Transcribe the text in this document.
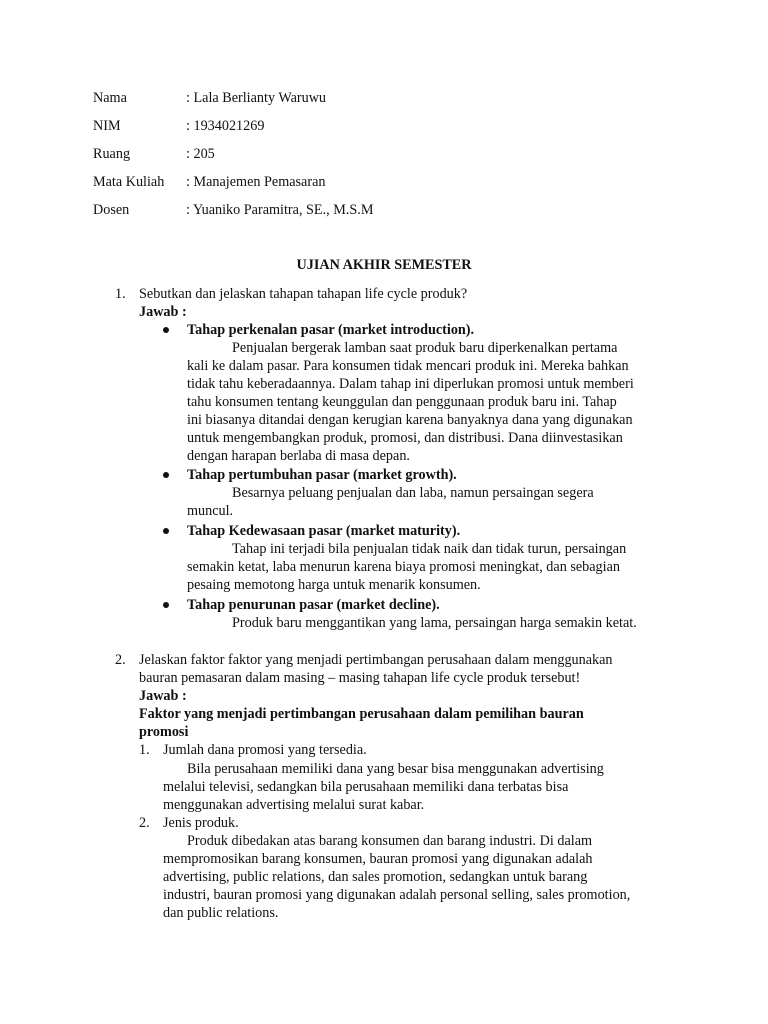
Nama	: Lala Berlianty Waruwu
NIM	: 1934021269
Ruang	: 205
Mata Kuliah : Manajemen Pemasaran
Dosen	: Yuaniko Paramitra, SE., M.S.M
UJIAN AKHIR SEMESTER
1. Sebutkan dan jelaskan tahapan tahapan life cycle produk?
Jawab :
Tahap perkenalan pasar (market introduction).
Penjualan bergerak lamban saat produk baru diperkenalkan pertama
kali ke dalam pasar. Para konsumen tidak mencari produk ini. Mereka bahkan
tidak tahu keberadaannya. Dalam tahap ini diperlukan promosi untuk memberi
tahu konsumen tentang keunggulan dan penggunaan produk baru ini. Tahap
ini biasanya ditandai dengan kerugian karena banyaknya dana yang digunakan
untuk mengembangkan produk, promosi, dan distribusi. Dana diinvestasikan
dengan harapan berlaba di masa depan.
Tahap pertumbuhan pasar (market growth).
Besarnya peluang penjualan dan laba, namun persaingan segera
muncul.
Tahap Kedewasaan pasar (market maturity).
Tahap ini terjadi bila penjualan tidak naik dan tidak turun, persaingan
semakin ketat, laba menurun karena biaya promosi meningkat, dan sebagian
pesaing memotong harga untuk menarik konsumen.
Tahap penurunan pasar (market decline).
Produk baru menggantikan yang lama, persaingan harga semakin ketat.
2. Jelaskan faktor faktor yang menjadi pertimbangan perusahaan dalam menggunakan
bauran pemasaran dalam masing – masing tahapan life cycle produk tersebut!
Jawab :
Faktor yang menjadi pertimbangan perusahaan dalam pemilihan bauran
promosi
1. Jumlah dana promosi yang tersedia.
Bila perusahaan memiliki dana yang besar bisa menggunakan advertising
melalui televisi, sedangkan bila perusahaan memiliki dana terbatas bisa
menggunakan advertising melalui surat kabar.
2. Jenis produk.
Produk dibedakan atas barang konsumen dan barang industri. Di dalam
mempromosikan barang konsumen, bauran promosi yang digunakan adalah
advertising, public relations, dan sales promotion, sedangkan untuk barang
industri, bauran promosi yang digunakan adalah personal selling, sales promotion,
dan public relations.
